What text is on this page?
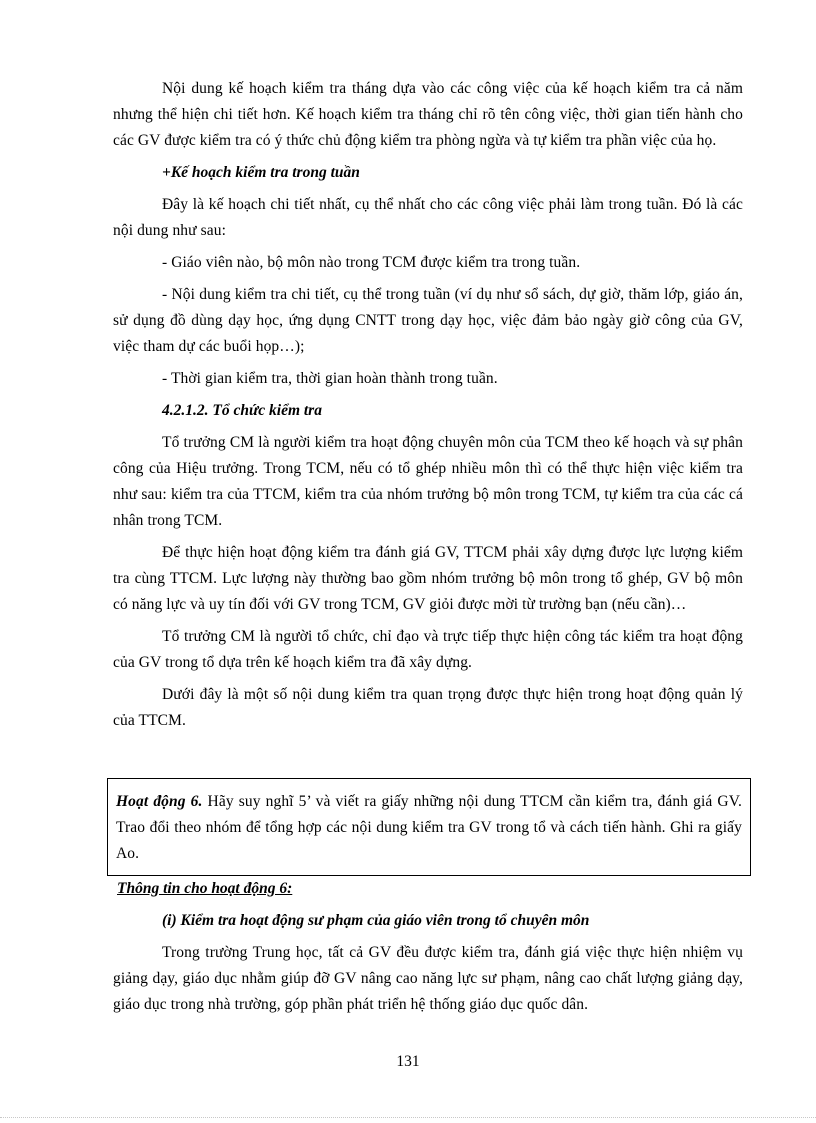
Nội dung kế hoạch kiểm tra tháng dựa vào các công việc của kế hoạch kiểm tra cả năm nhưng thể hiện chi tiết hơn. Kế hoạch kiểm tra tháng chỉ rõ tên công việc, thời gian tiến hành cho các GV được kiểm tra có ý thức chủ động kiểm tra phòng ngừa và tự kiểm tra phần việc của họ.

+Kế hoạch kiểm tra trong tuần

Đây là kế hoạch chi tiết nhất, cụ thể nhất cho các công việc phải làm trong tuần. Đó là các nội dung như sau:

- Giáo viên nào, bộ môn nào trong TCM được kiểm tra trong tuần.

- Nội dung kiểm tra chi tiết, cụ thể trong tuần (ví dụ như sổ sách, dự giờ, thăm lớp, giáo án, sử dụng đồ dùng dạy học, ứng dụng CNTT trong dạy học, việc đảm bảo ngày giờ công của GV, việc tham dự các buổi họp…);

- Thời gian kiểm tra, thời gian hoàn thành trong tuần.

4.2.1.2. Tổ chức kiểm tra

Tổ trưởng CM là người kiểm tra hoạt động chuyên môn của TCM theo kế hoạch và sự phân công của Hiệu trưởng. Trong TCM, nếu có tổ ghép nhiều môn thì có thể thực hiện việc kiểm tra như sau: kiểm tra của TTCM, kiểm tra của nhóm trưởng bộ môn trong TCM, tự kiểm tra của các cá nhân trong TCM.

Để thực hiện hoạt động kiểm tra đánh giá GV, TTCM phải xây dựng được lực lượng kiểm tra cùng TTCM. Lực lượng này thường bao gồm nhóm trưởng bộ môn trong tổ ghép, GV bộ môn có năng lực và uy tín đối với GV trong TCM, GV giỏi được mời từ trường bạn (nếu cần)…

Tổ trưởng CM là người tổ chức, chỉ đạo và trực tiếp thực hiện công tác kiểm tra hoạt động của GV trong tổ dựa trên kế hoạch kiểm tra đã xây dựng.

Dưới đây là một số nội dung kiểm tra quan trọng được thực hiện trong hoạt động quản lý của TTCM.

Hoạt động 6. Hãy suy nghĩ 5’ và viết ra giấy những nội dung TTCM cần kiểm tra, đánh giá GV. Trao đổi theo nhóm để tổng hợp các nội dung kiểm tra GV trong tổ và cách tiến hành. Ghi ra giấy Ao.

Thông tin cho hoạt động 6:

(i) Kiểm tra hoạt động sư phạm của giáo viên trong tổ chuyên môn

Trong trường Trung học, tất cả GV đều được kiểm tra, đánh giá việc thực hiện nhiệm vụ giảng dạy, giáo dục nhằm giúp đỡ GV nâng cao năng lực sư phạm, nâng cao chất lượng giảng dạy, giáo dục trong nhà trường, góp phần phát triển hệ thống giáo dục quốc dân.

131
